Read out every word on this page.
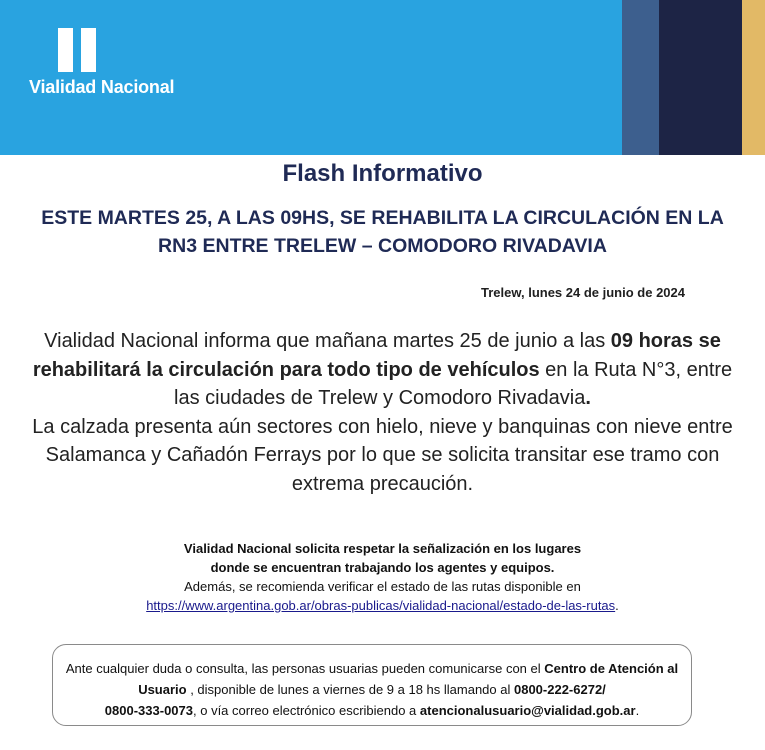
Vialidad Nacional
Flash Informativo
ESTE MARTES 25, A LAS 09HS, SE REHABILITA LA CIRCULACIÓN EN LA
RN3 ENTRE TRELEW – COMODORO RIVADAVIA
Trelew, lunes 24 de junio de 2024
Vialidad Nacional informa que mañana martes 25 de junio a las 09 horas se rehabilitará la circulación para todo tipo de vehículos en la Ruta N°3, entre las ciudades de Trelew y Comodoro Rivadavia.
La calzada presenta aún sectores con hielo, nieve y banquinas con nieve entre Salamanca y Cañadón Ferrays por lo que se solicita transitar ese tramo con extrema precaución.
Vialidad Nacional solicita respetar la señalización en los lugares
donde se encuentran trabajando los agentes y equipos.
Además, se recomienda verificar el estado de las rutas disponible en
https://www.argentina.gob.ar/obras-publicas/vialidad-nacional/estado-de-las-rutas.
Ante cualquier duda o consulta, las personas usuarias pueden comunicarse con el Centro de Atención al Usuario , disponible de lunes a viernes de 9 a 18 hs llamando al 0800-222-6272/
0800-333-0073, o vía correo electrónico escribiendo a atencionalusuario@vialidad.gob.ar.
